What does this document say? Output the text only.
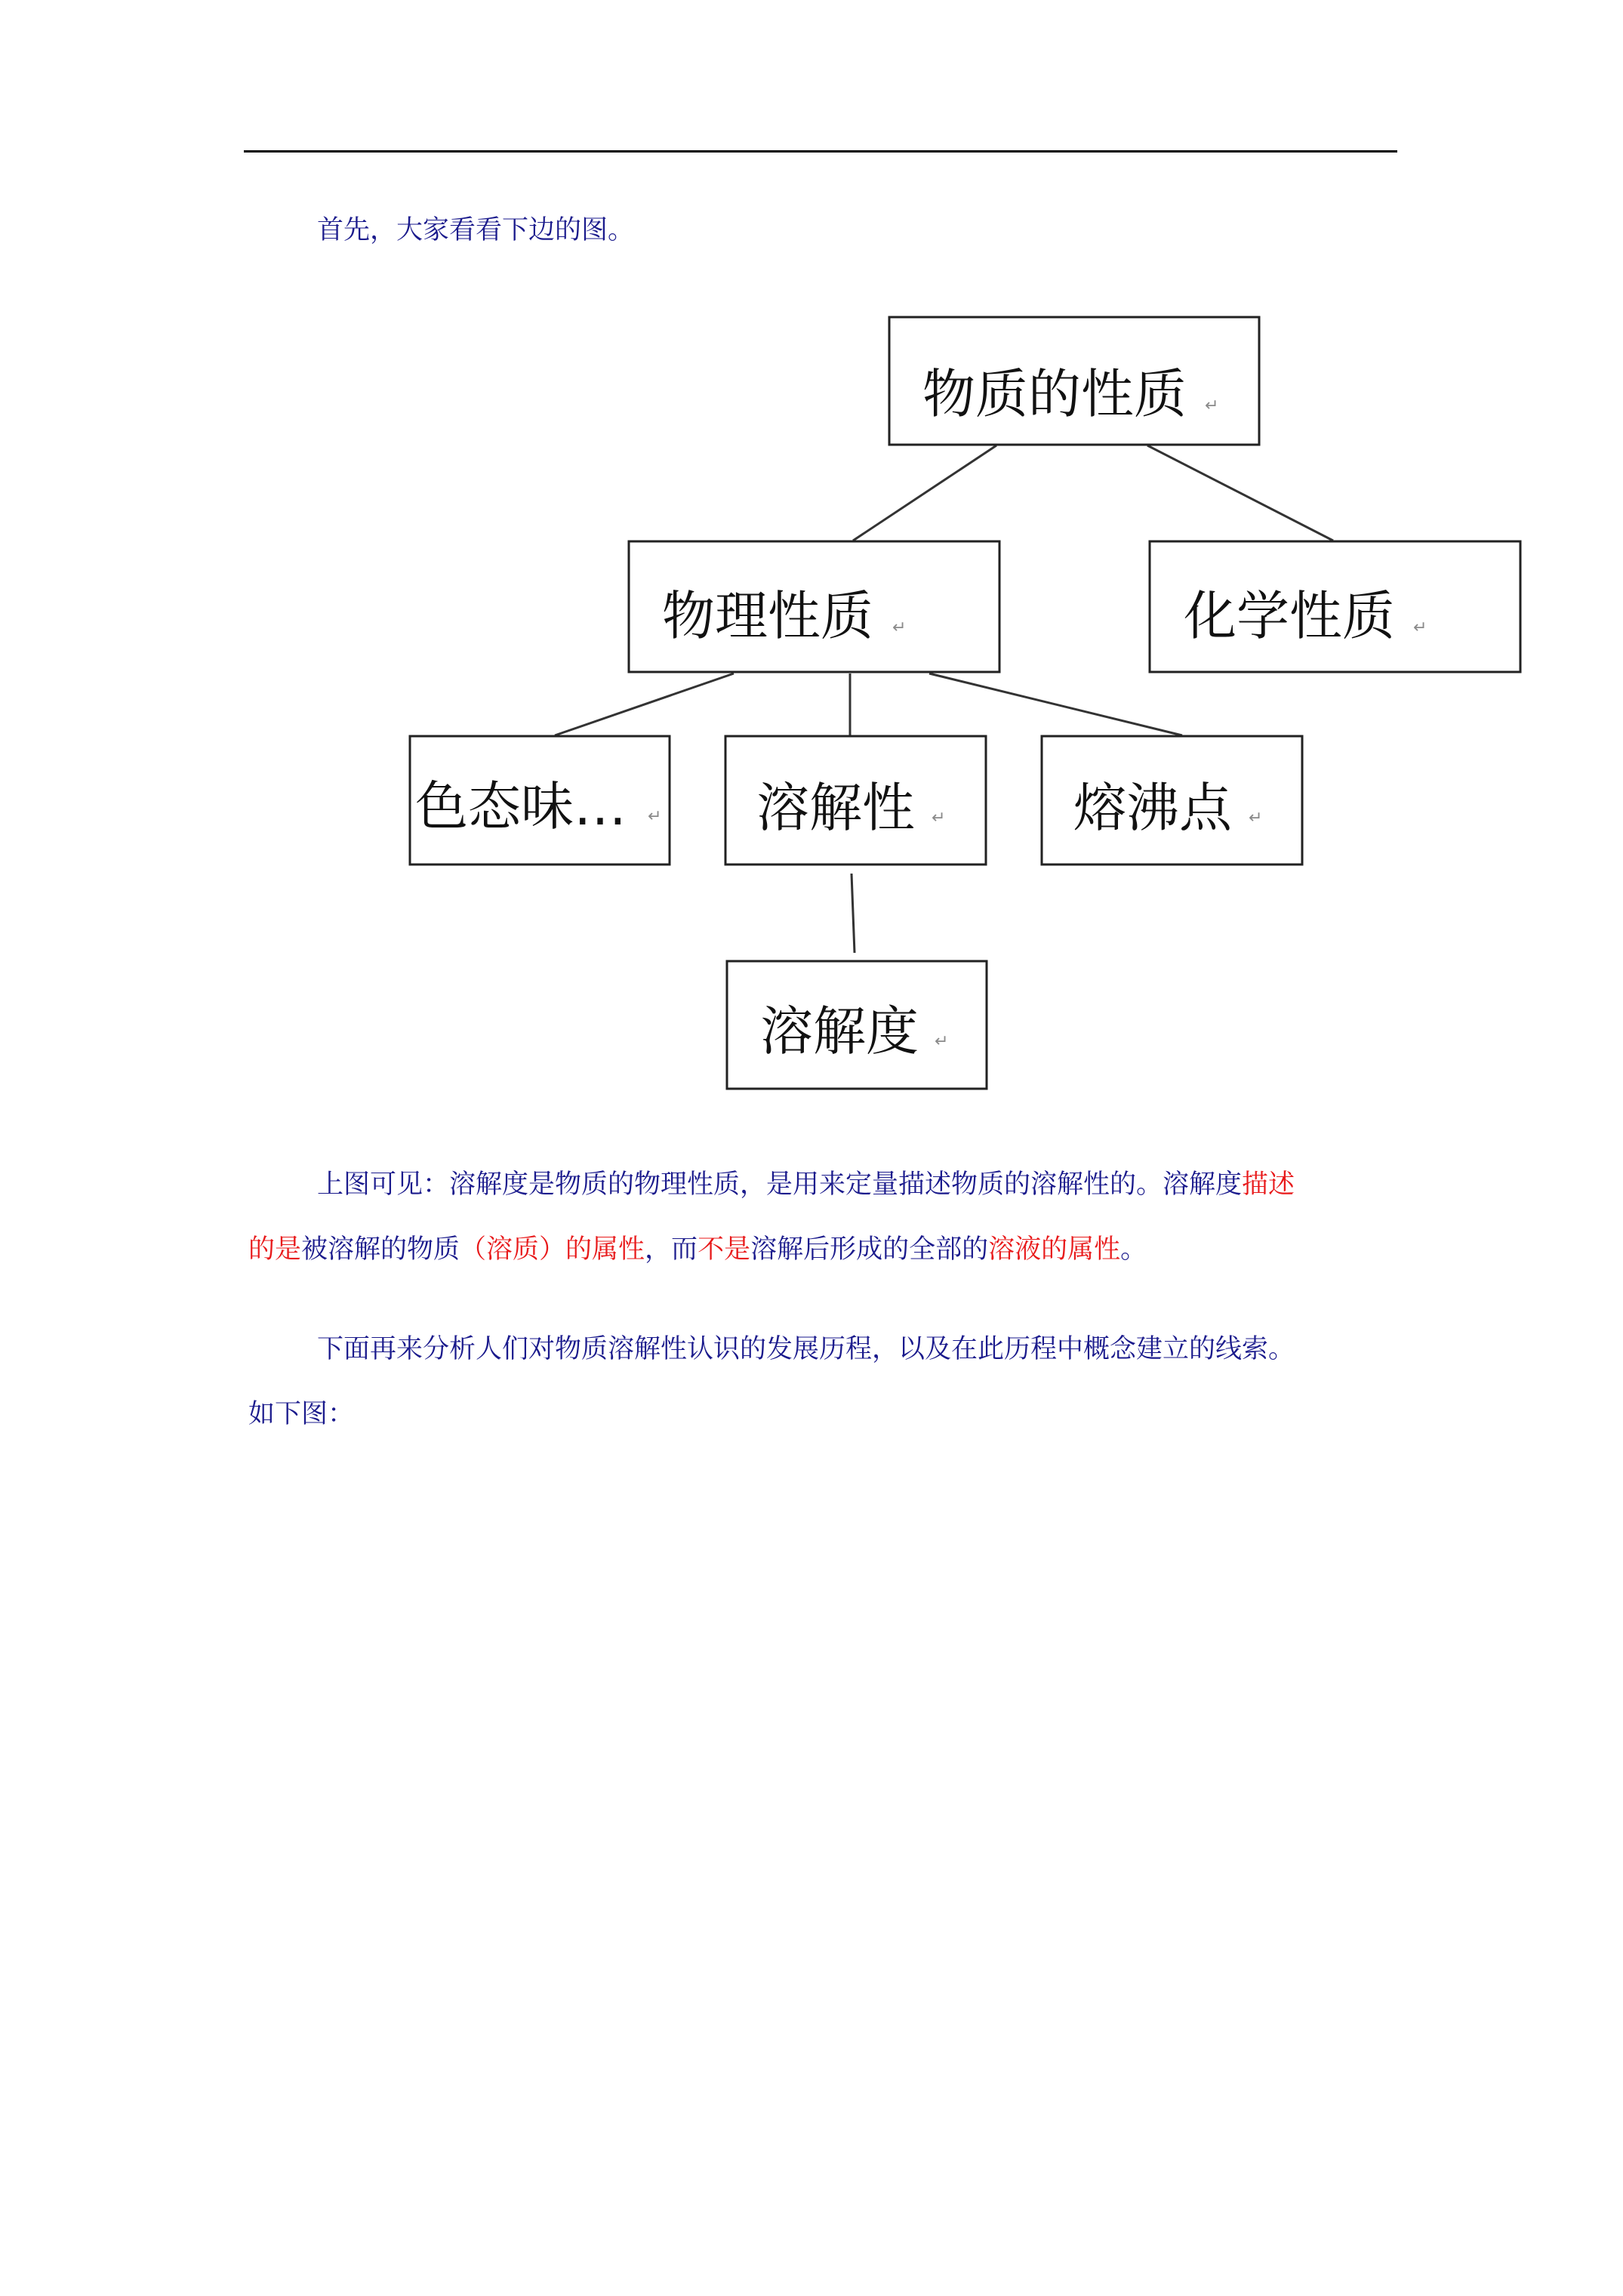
首先，大家看看下边的图。

物质的性质 ↵
物理性质 ↵	化学性质 ↵
色态味… ↵ 溶解性 ↵ 熔沸点 ↵
溶解度 ↵

上图可见：溶解度是物质的物理性质，是用来定量描述物质的溶解性的。溶解度描述

的是被溶解的物质（溶质）的属性，而不是溶解后形成的全部的溶液的属性。

下面再来分析人们对物质溶解性认识的发展历程，以及在此历程中概念建立的线索。

如下图：
